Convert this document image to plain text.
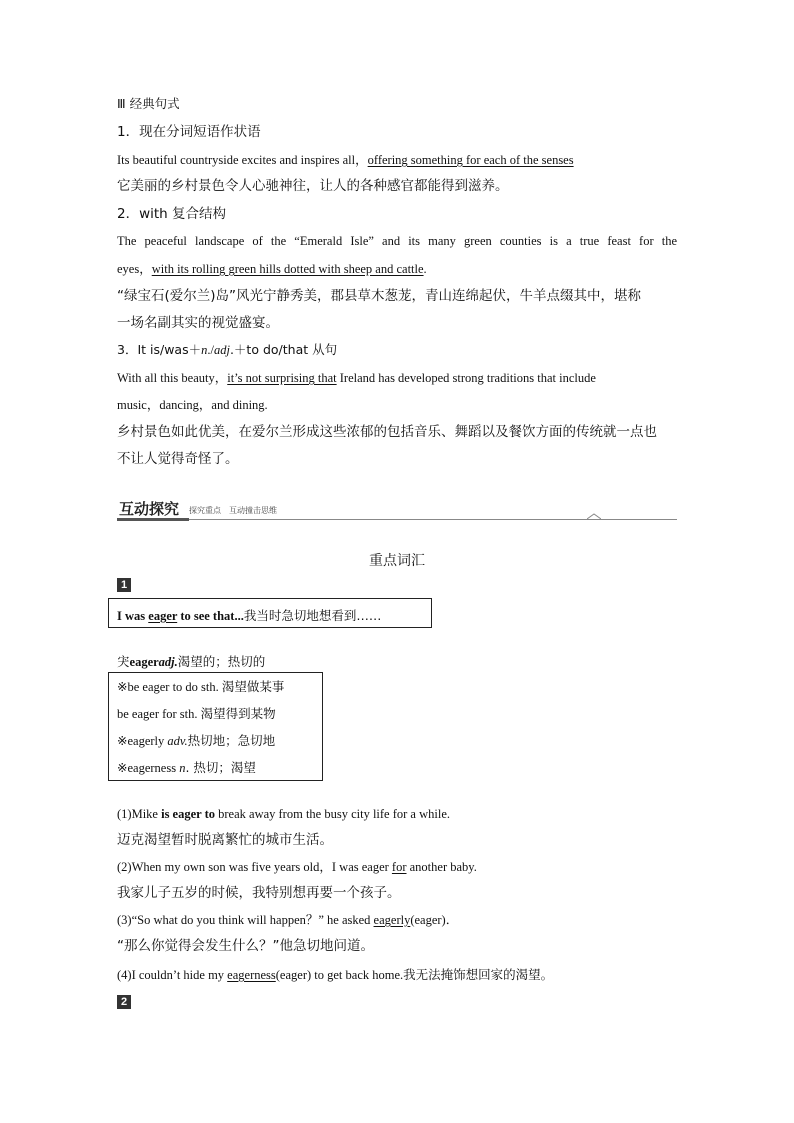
Ⅲ 经典句式
1．现在分词短语作状语
Its beautiful countryside excites and inspires all，offering something for each of the senses
它美丽的乡村景色令人心驰神往，让人的各种感官都能得到滋养。
2．with 复合结构
The peaceful landscape of the “Emerald Isle” and its many green counties is a true feast for the
eyes，with its rolling green hills dotted with sheep and cattle.
“绿宝石(爱尔兰)岛”风光宁静秀美，郡县草木葱茏，青山连绵起伏，牛羊点缀其中，堪称
一场名副其实的视觉盛宴。
3．It is/was＋n./adj.＋to do/that 从句
With all this beauty，it’s not surprising that Ireland has developed strong traditions that include
music，dancing，and dining.
乡村景色如此优美，在爱尔兰形成这些浓郁的包括音乐、舞蹈以及餐饮方面的传统就一点也
不让人觉得奇怪了。
互动探究 探究重点　互动撞击思维
重点词汇
1
I was eager to see that...我当时急切地想看到……
宊eageradj.渴望的；热切的
※be eager to do sth. 渴望做某事
be eager for sth. 渴望得到某物
※eagerly adv.热切地；急切地
※eagerness n. 热切；渴望
(1)Mike is eager to break away from the busy city life for a while.
迈克渴望暂时脱离繁忙的城市生活。
(2)When my own son was five years old，I was eager for another baby.
我家儿子五岁的时候，我特别想再要一个孩子。
(3)“So what do you think will happen？” he asked eagerly(eager)．
“那么你觉得会发生什么？”他急切地问道。
(4)I couldn’t hide my eagerness(eager) to get back home.我无法掩饰想回家的渴望。
2
